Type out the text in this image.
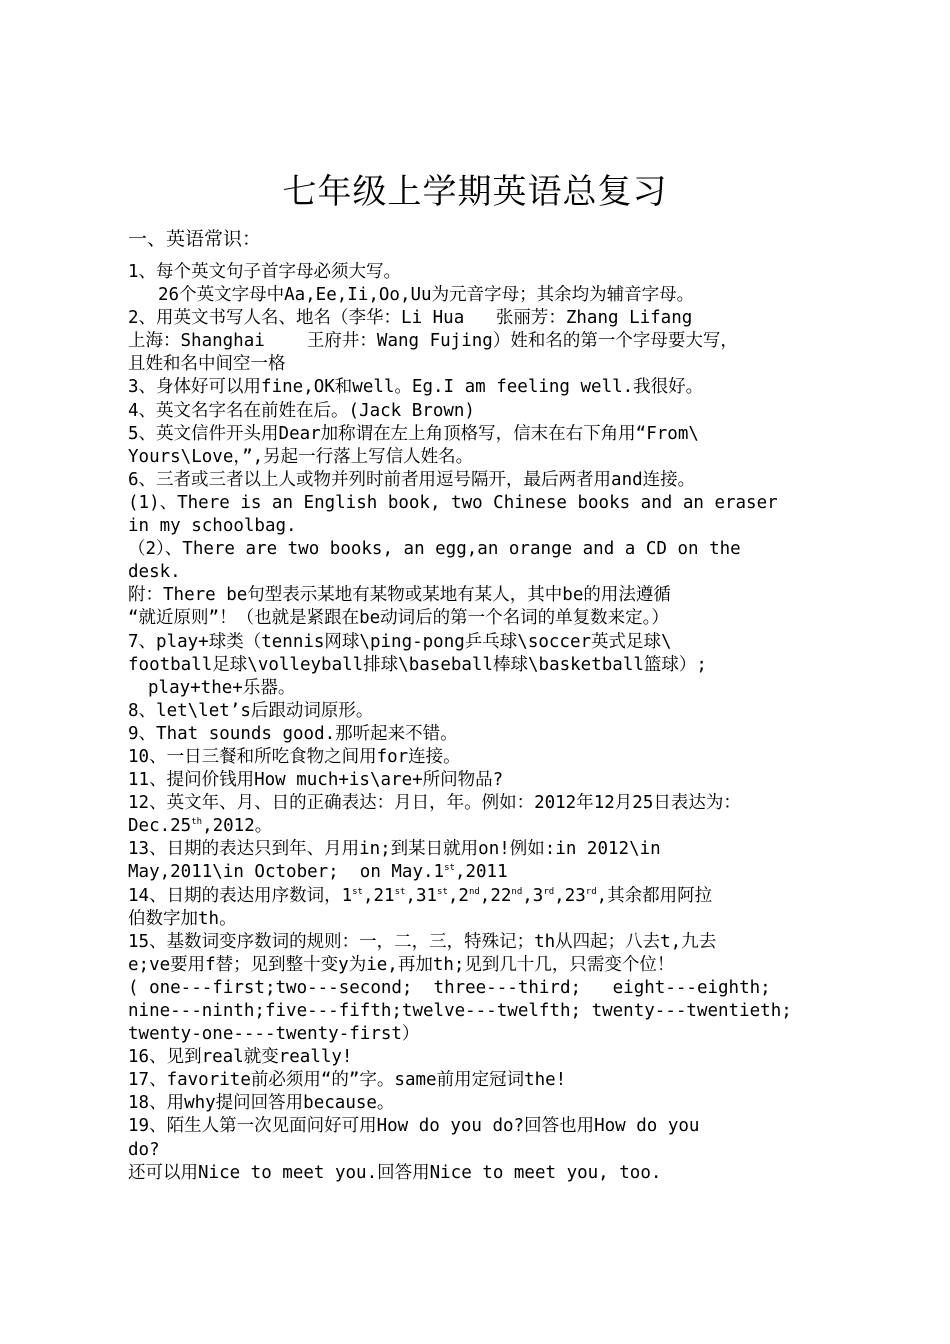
七年级上学期英语总复习
一、英语常识：

1、每个英文句子首字母必须大写。

26个英文字母中Aa,Ee,Ii,Oo,Uu为元音字母；其余均为辅音字母。

2、用英文书写人名、地名（李华：Li Hua   张丽芳：Zhang Lifang

上海：Shanghai    王府井：Wang Fujing）姓和名的第一个字母要大写，

且姓和名中间空一格

3、身体好可以用fine,OK和well。Eg.I am feeling well.我很好。

4、英文名字名在前姓在后。(Jack Brown)

5、英文信件开头用Dear加称谓在左上角顶格写，信末在右下角用“From\

Yours\Love，”,另起一行落上写信人姓名。

6、三者或三者以上人或物并列时前者用逗号隔开，最后两者用and连接。

(1)、There is an English book, two Chinese books and an eraser

in my schoolbag.

（2）、There are two books, an egg,an orange and a CD on the

desk.

附：There be句型表示某地有某物或某地有某人，其中be的用法遵循

“就近原则”！（也就是紧跟在be动词后的第一个名词的单复数来定。）

7、play+球类（tennis网球\ping-pong乒乓球\soccer英式足球\

football足球\volleyball排球\baseball棒球\basketball篮球）;

play+the+乐器。

8、let\let’s后跟动词原形。

9、That sounds good.那听起来不错。

10、一日三餐和所吃食物之间用for连接。

11、提问价钱用How much+is\are+所问物品?

12、英文年、月、日的正确表达：月日，年。例如：2012年12月25日表达为：

Dec.25th,2012。

13、日期的表达只到年、月用in;到某日就用on!例如:in 2012\in

May,2011\in October;  on May.1st,2011

14、日期的表达用序数词，1st,21st,31st,2nd,22nd,3rd,23rd,其余都用阿拉

伯数字加th。

15、基数词变序数词的规则：一，二，三，特殊记；th从四起；八去t,九去

e;ve要用f替；见到整十变y为ie,再加th;见到几十几，只需变个位！

( one---first;two---second;  three---third;   eight---eighth;

nine---ninth;five---fifth;twelve---twelfth; twenty---twentieth;

twenty-one----twenty-first）

16、见到real就变really!

17、favorite前必须用“的”字。same前用定冠词the!

18、用why提问回答用because。

19、陌生人第一次见面问好可用How do you do?回答也用How do you

do?

还可以用Nice to meet you.回答用Nice to meet you, too.
